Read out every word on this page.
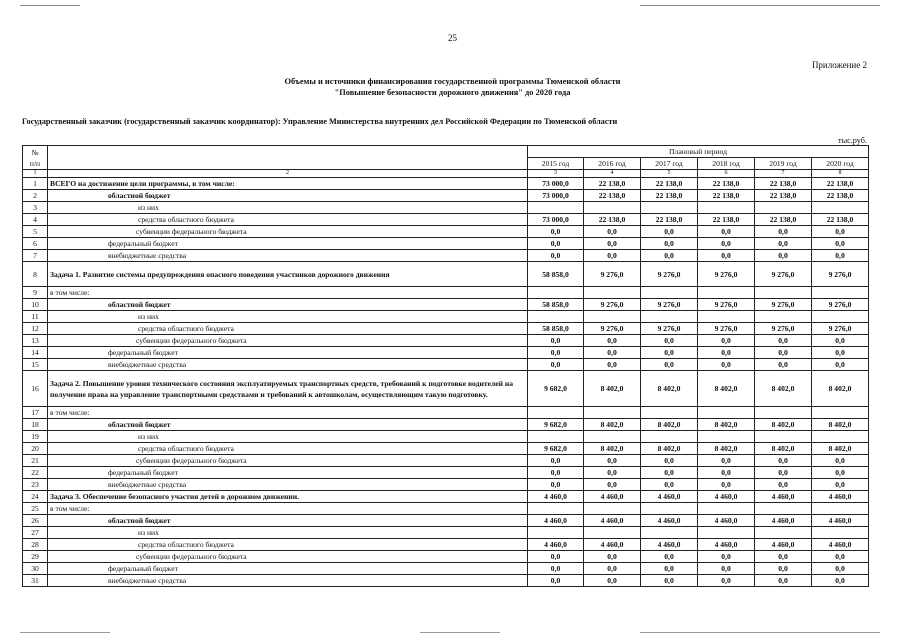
25
Приложение 2
Объемы и источники финансирования государственной программы Тюменской области
"Повышение безопасности дорожного движения" до 2020 года
Государственный заказчик (государственный заказчик координатор): Управление Министерства внутренних дел Российской Федерации по Тюменской области
тыс.руб.
№
п/п		Плановый период					
		2015 год	2016 год	2017 год	2018 год	2019 год	2020 год
1	2	3	4	5	6	7	8
1	ВСЕГО на достижение цели программы, в том числе:	73 000,0	22 138,0	22 138,0	22 138,0	22 138,0	22 138,0
2	областной бюджет	73 000,0	22 138,0	22 138,0	22 138,0	22 138,0	22 138,0
3	из них						
4	средства областного бюджета	73 000,0	22 138,0	22 138,0	22 138,0	22 138,0	22 138,0
5	субвенции федерального бюджета	0,0	0,0	0,0	0,0	0,0	0,0
6	федеральный бюджет	0,0	0,0	0,0	0,0	0,0	0,0
7	внебюджетные средства	0,0	0,0	0,0	0,0	0,0	0,0
8	Задача 1. Развитие системы предупреждения опасного поведения участников дорожного движения	58 858,0	9 276,0	9 276,0	9 276,0	9 276,0	9 276,0
9	в том числе:						
10	областной бюджет	58 858,0	9 276,0	9 276,0	9 276,0	9 276,0	9 276,0
11	из них						
12	средства областного бюджета	58 858,0	9 276,0	9 276,0	9 276,0	9 276,0	9 276,0
13	субвенции федерального бюджета	0,0	0,0	0,0	0,0	0,0	0,0
14	федеральный бюджет	0,0	0,0	0,0	0,0	0,0	0,0
15	внебюджетные средства	0,0	0,0	0,0	0,0	0,0	0,0
16	Задача 2. Повышение уровня технического состояния эксплуатируемых транспортных средств, требований к подготовке водителей на получение права на управление транспортными средствами и требований к автошколам, осуществляющим такую подготовку.	9 682,0	8 402,0	8 402,0	8 402,0	8 402,0	8 402,0
17	в том числе:						
18	областной бюджет	9 682,0	8 402,0	8 402,0	8 402,0	8 402,0	8 402,0
19	из них						
20	средства областного бюджета	9 682,0	8 402,0	8 402,0	8 402,0	8 402,0	8 402,0
21	субвенции федерального бюджета	0,0	0,0	0,0	0,0	0,0	0,0
22	федеральный бюджет	0,0	0,0	0,0	0,0	0,0	0,0
23	внебюджетные средства	0,0	0,0	0,0	0,0	0,0	0,0
24	Задача 3. Обеспечение безопасного участия детей в дорожном движении.	4 460,0	4 460,0	4 460,0	4 460,0	4 460,0	4 460,0
25	в том числе:						
26	областной бюджет	4 460,0	4 460,0	4 460,0	4 460,0	4 460,0	4 460,0
27	из них						
28	средства областного бюджета	4 460,0	4 460,0	4 460,0	4 460,0	4 460,0	4 460,0
29	субвенции федерального бюджета	0,0	0,0	0,0	0,0	0,0	0,0
30	федеральный бюджет	0,0	0,0	0,0	0,0	0,0	0,0
31	внебюджетные средства	0,0	0,0	0,0	0,0	0,0	0,0
